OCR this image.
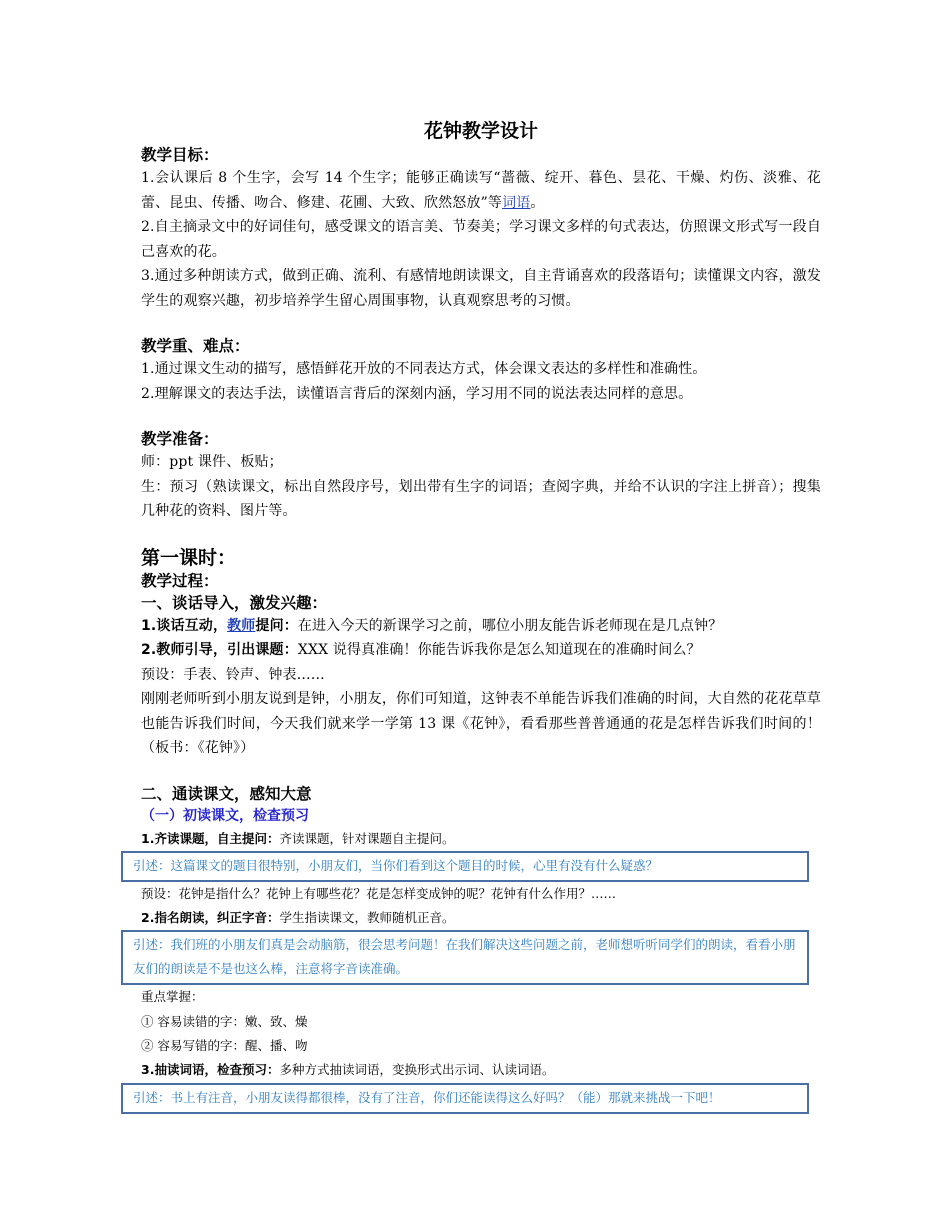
花钟教学设计

教学目标：

1.会认课后 8 个生字，会写 14 个生字；能够正确读写“蔷薇、绽开、暮色、昙花、干燥、灼伤、淡雅、花蕾、昆虫、传播、吻合、修建、花圃、大致、欣然怒放”等词语。

2.自主摘录文中的好词佳句，感受课文的语言美、节奏美；学习课文多样的句式表达，仿照课文形式写一段自己喜欢的花。

3.通过多种朗读方式，做到正确、流利、有感情地朗读课文，自主背诵喜欢的段落语句；读懂课文内容，激发学生的观察兴趣，初步培养学生留心周围事物，认真观察思考的习惯。

教学重、难点：

1.通过课文生动的描写，感悟鲜花开放的不同表达方式，体会课文表达的多样性和准确性。

2.理解课文的表达手法，读懂语言背后的深刻内涵，学习用不同的说法表达同样的意思。

教学准备：

师：ppt 课件、板贴；

生：预习（熟读课文，标出自然段序号，划出带有生字的词语；查阅字典，并给不认识的字注上拼音）；搜集几种花的资料、图片等。

第一课时：

教学过程：

一、谈话导入，激发兴趣：

1.谈话互动，教师提问：在进入今天的新课学习之前，哪位小朋友能告诉老师现在是几点钟？

2.教师引导，引出课题：XXX 说得真准确！你能告诉我你是怎么知道现在的准确时间么？

预设：手表、铃声、钟表……

刚刚老师听到小朋友说到是钟，小朋友，你们可知道，这钟表不单能告诉我们准确的时间，大自然的花花草草也能告诉我们时间，今天我们就来学一学第 13 课《花钟》，看看那些普普通通的花是怎样告诉我们时间的！（板书：《花钟》）

二、通读课文，感知大意

（一）初读课文，检查预习

1.齐读课题，自主提问：齐读课题，针对课题自主提问。

引述：这篇课文的题目很特别，小朋友们，当你们看到这个题目的时候，心里有没有什么疑惑？

预设：花钟是指什么？花钟上有哪些花？花是怎样变成钟的呢？花钟有什么作用？……

2.指名朗读，纠正字音：学生指读课文，教师随机正音。

引述：我们班的小朋友们真是会动脑筋，很会思考问题！在我们解决这些问题之前，老师想听听同学们的朗读，看看小朋友们的朗读是不是也这么棒，注意将字音读准确。

重点掌握：

① 容易读错的字：嫩、致、燥

② 容易写错的字：醒、播、吻

3.抽读词语，检查预习：多种方式抽读词语，变换形式出示词、认读词语。

引述：书上有注音，小朋友读得都很棒，没有了注音，你们还能读得这么好吗？（能）那就来挑战一下吧！
